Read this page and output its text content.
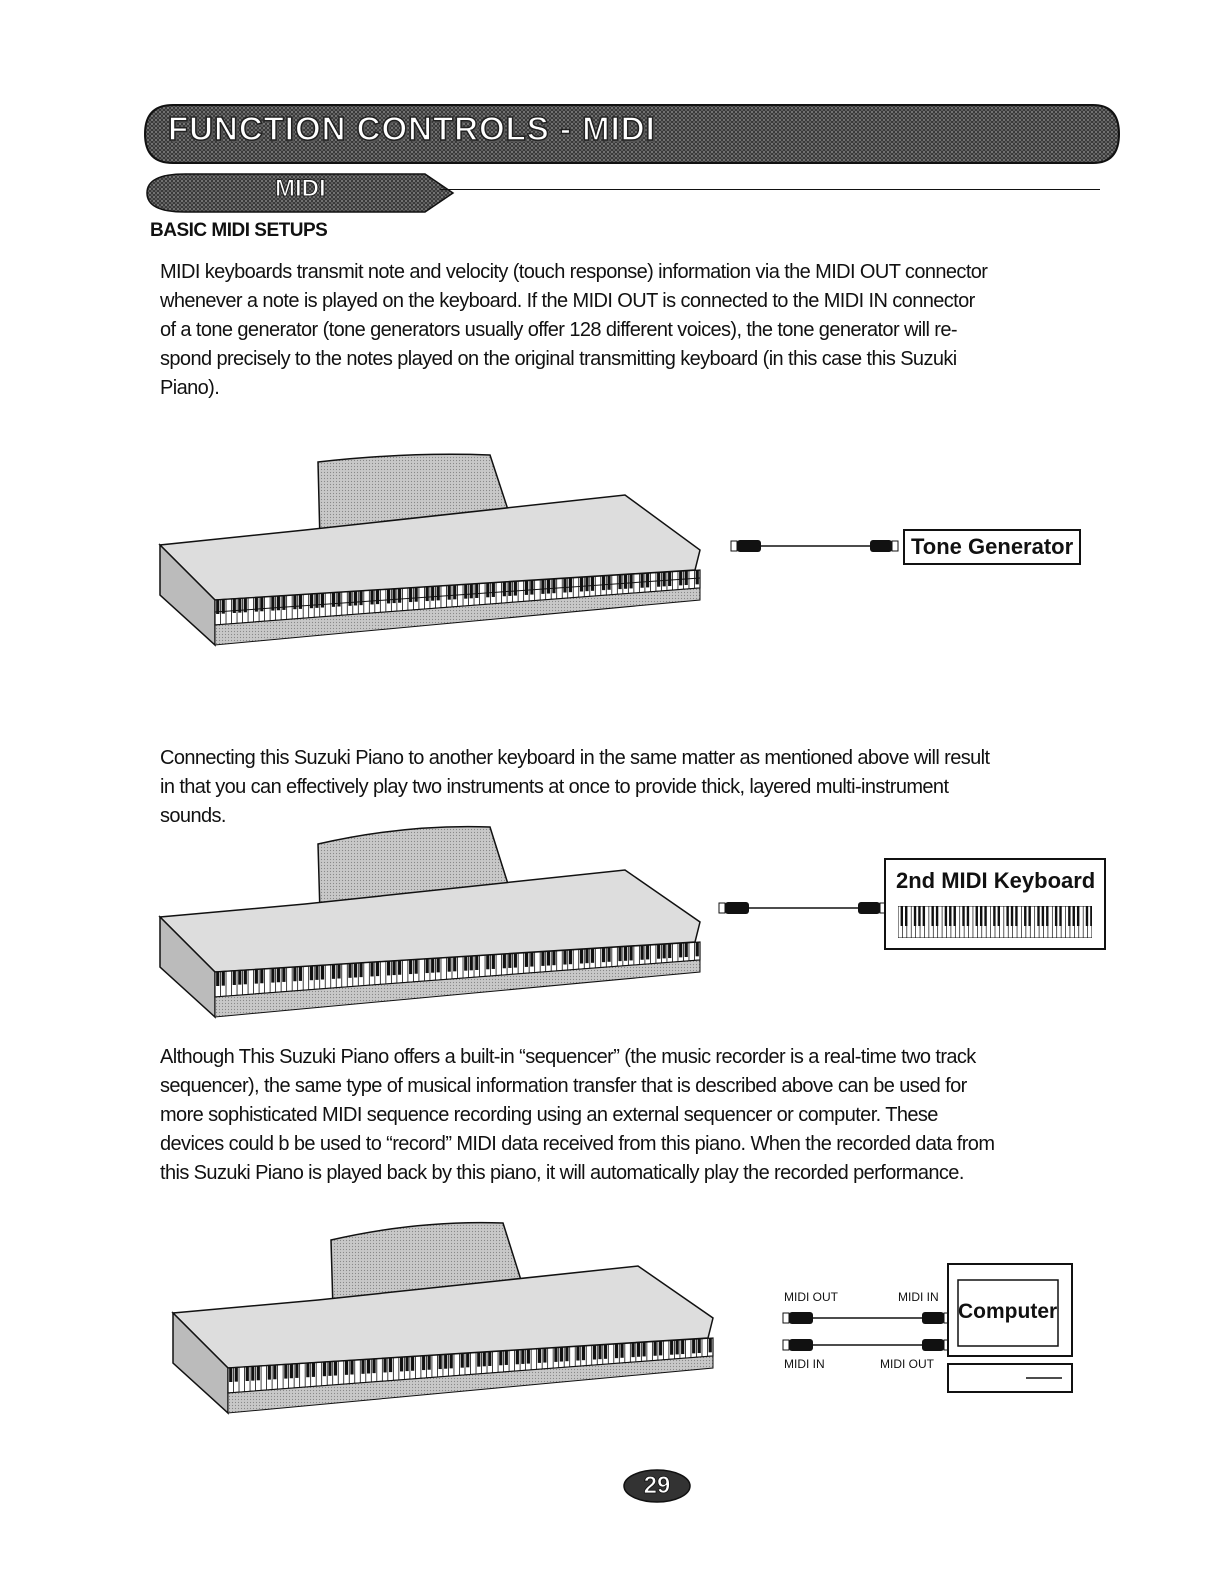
FUNCTION CONTROLS - MIDI
MIDI
BASIC MIDI SETUPS
MIDI keyboards transmit note and velocity (touch response) information via the MIDI OUT connector
whenever a note is played on the keyboard. If the MIDI OUT is connected to the MIDI IN connector
of a tone generator (tone generators usually offer 128 different voices), the tone generator will re-
spond precisely to the notes played on the original transmitting keyboard (in this case this Suzuki
Piano).
Tone Generator
Connecting this Suzuki Piano to another keyboard in the same matter as mentioned above will result
in that you can effectively play two instruments at once to provide thick, layered multi-instrument
sounds.
2nd MIDI Keyboard
Although This Suzuki Piano offers a built-in “sequencer” (the music recorder is a real-time two track
sequencer), the same type of musical information transfer that is described above can be used for
more sophisticated MIDI sequence recording using an external sequencer or computer. These
devices could b be used to “record” MIDI data received from this piano. When the recorded data from
this Suzuki Piano is played back by this piano, it will automatically play the recorded performance.
MIDI OUT	MIDI IN
MIDI IN	MIDI OUT
Computer
29
